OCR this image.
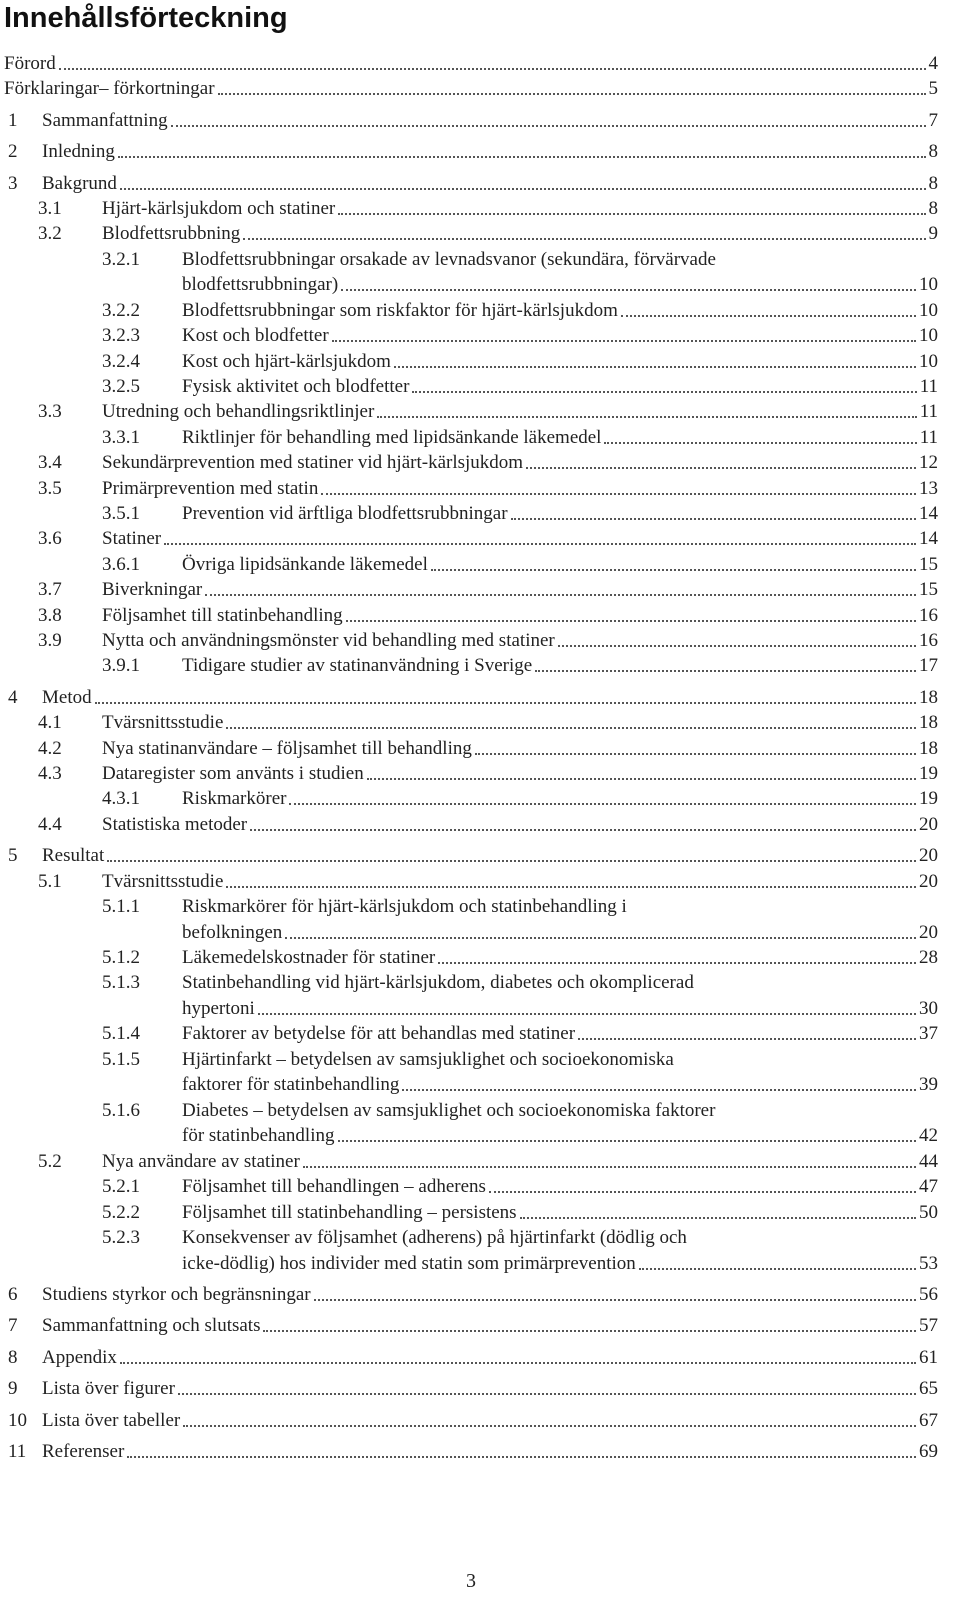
Innehållsförteckning
Förord	4
Förklaringar– förkortningar	5
1 Sammanfattning	7
2 Inledning	8
3 Bakgrund	8
3.1 Hjärt-kärlsjukdom och statiner	8
3.2 Blodfettsrubbning	9
3.2.1 Blodfettsrubbningar orsakade av levnadsvanor (sekundära, förvärvade
blodfettsrubbningar)	10
3.2.2 Blodfettsrubbningar som riskfaktor för hjärt-kärlsjukdom	10
3.2.3 Kost och blodfetter	10
3.2.4 Kost och hjärt-kärlsjukdom	10
3.2.5 Fysisk aktivitet och blodfetter	11
3.3 Utredning och behandlingsriktlinjer	11
3.3.1 Riktlinjer för behandling med lipidsänkande läkemedel	11
3.4 Sekundärprevention med statiner vid hjärt-kärlsjukdom	12
3.5 Primärprevention med statin	13
3.5.1 Prevention vid ärftliga blodfettsrubbningar	14
3.6 Statiner	14
3.6.1 Övriga lipidsänkande läkemedel	15
3.7 Biverkningar	15
3.8 Följsamhet till statinbehandling	16
3.9 Nytta och användningsmönster vid behandling med statiner	16
3.9.1 Tidigare studier av statinanvändning i Sverige	17
4 Metod	18
4.1 Tvärsnittsstudie	18
4.2 Nya statinanvändare – följsamhet till behandling	18
4.3 Dataregister som använts i studien	19
4.3.1 Riskmarkörer	19
4.4 Statistiska metoder	20
5 Resultat	20
5.1 Tvärsnittsstudie	20
5.1.1 Riskmarkörer för hjärt-kärlsjukdom och statinbehandling i
befolkningen	20
5.1.2 Läkemedelskostnader för statiner	28
5.1.3 Statinbehandling vid hjärt-kärlsjukdom, diabetes och okomplicerad
hypertoni	30
5.1.4 Faktorer av betydelse för att behandlas med statiner	37
5.1.5 Hjärtinfarkt – betydelsen av samsjuklighet och socioekonomiska
faktorer för statinbehandling	39
5.1.6 Diabetes – betydelsen av samsjuklighet och socioekonomiska faktorer
för statinbehandling	42
5.2 Nya användare av statiner	44
5.2.1 Följsamhet till behandlingen – adherens	47
5.2.2 Följsamhet till statinbehandling – persistens	50
5.2.3 Konsekvenser av följsamhet (adherens) på hjärtinfarkt (dödlig och
icke-dödlig) hos individer med statin som primärprevention	53
6 Studiens styrkor och begränsningar	56
7 Sammanfattning och slutsats	57
8 Appendix	61
9 Lista över figurer	65
10 Lista över tabeller	67
11 Referenser	69
3
